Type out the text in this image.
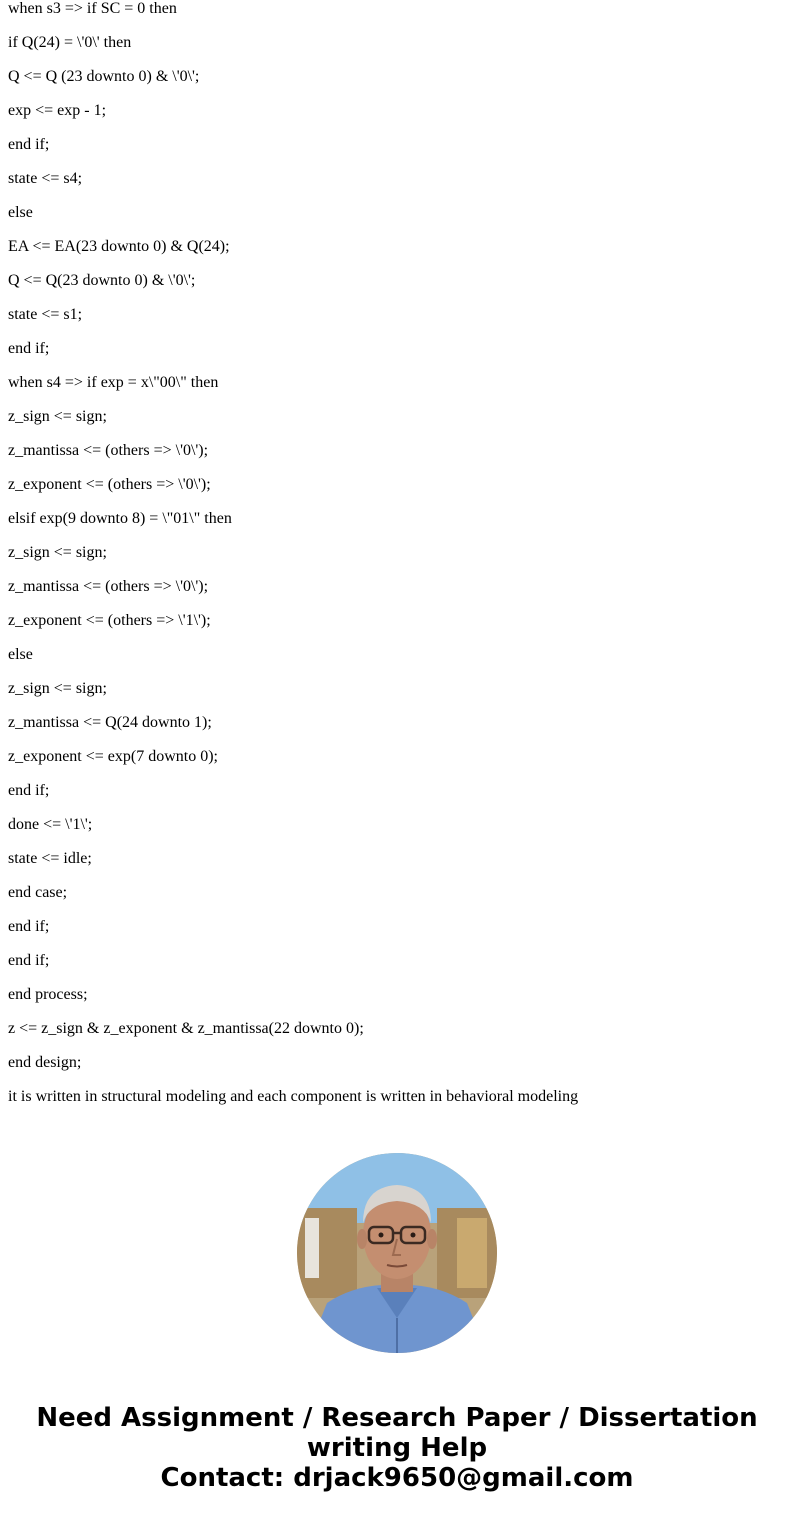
when s3 => if SC = 0 then

if Q(24) = \'0\' then

Q <= Q (23 downto 0) & \'0\';

exp <= exp - 1;

end if;

state <= s4;

else

EA <= EA(23 downto 0) & Q(24);

Q <= Q(23 downto 0) & \'0\';

state <= s1;

end if;

when s4 => if exp = x\"00\" then

z_sign <= sign;

z_mantissa <= (others => \'0\');

z_exponent <= (others => \'0\');

elsif exp(9 downto 8) = \"01\" then

z_sign <= sign;

z_mantissa <= (others => \'0\');

z_exponent <= (others => \'1\');

else

z_sign <= sign;

z_mantissa <= Q(24 downto 1);

z_exponent <= exp(7 downto 0);

end if;

done <= \'1\';

state <= idle;

end case;

end if;

end if;

end process;

z <= z_sign & z_exponent & z_mantissa(22 downto 0);

end design;

it is written in structural modeling and each component is written in behavioral modeling

Need Assignment / Research Paper / Dissertation
writing Help
Contact: drjack9650@gmail.com
